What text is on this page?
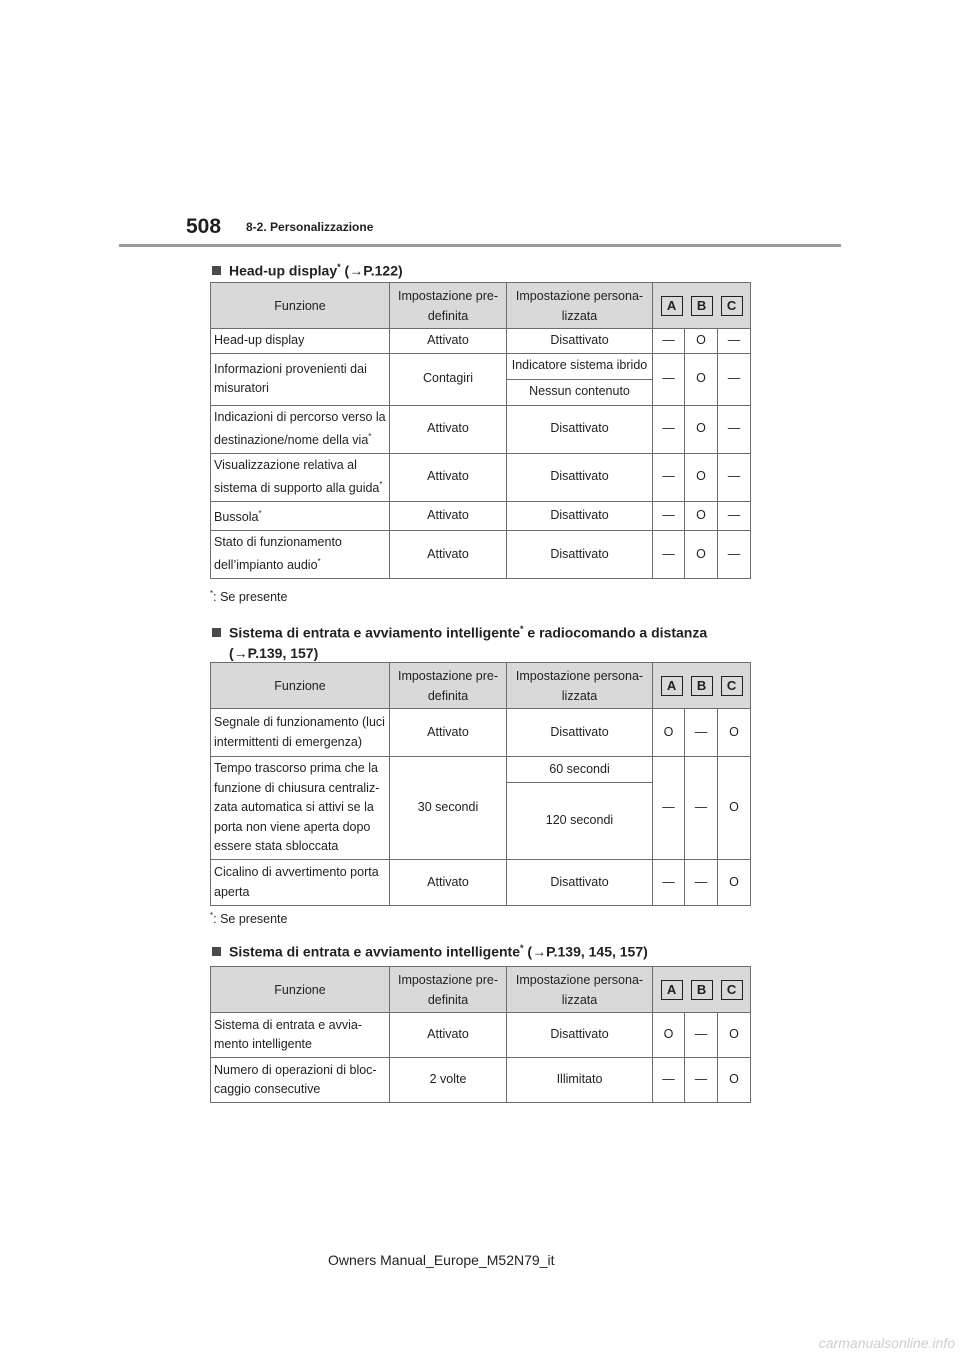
508 8-2. Personalizzazione
Head-up display* (→P.122)
Funzione	Impostazione pre-definita	Impostazione persona-lizzata	A B C		

Head-up display	Attivato	Disattivato	—	O	—
Informazioni provenienti dai misuratori	Contagiri	Indicatore sistema ibrido	—	O	—
		Nessun contenuto			
Indicazioni di percorso verso la destinazione/nome della via*	Attivato	Disattivato	—	O	—
Visualizzazione relativa al sistema di supporto alla guida*	Attivato	Disattivato	—	O	—
Bussola*	Attivato	Disattivato	—	O	—
Stato di funzionamento dell’impianto audio*	Attivato	Disattivato	—	O	—
*: Se presente
Sistema di entrata e avviamento intelligente* e radiocomando a distanza
(→P.139, 157)
Funzione	Impostazione pre-definita	Impostazione persona-lizzata	A B C		

Segnale di funzionamento (luci intermittenti di emergenza)	Attivato	Disattivato	O	—	O
Tempo trascorso prima che la funzione di chiusura centraliz-zata automatica si attivi se la porta non viene aperta dopo essere stata sbloccata	30 secondi	60 secondi	—	—	O
		120 secondi			
Cicalino di avvertimento porta aperta	Attivato	Disattivato	—	—	O
*: Se presente
Sistema di entrata e avviamento intelligente* (→P.139, 145, 157)
Funzione	Impostazione pre-definita	Impostazione persona-lizzata	A B C		

Sistema di entrata e avvia-mento intelligente	Attivato	Disattivato	O	—	O
Numero di operazioni di bloc-caggio consecutive	2 volte	Illimitato	—	—	O
Owners Manual_Europe_M52N79_it
carmanualsonline.info
